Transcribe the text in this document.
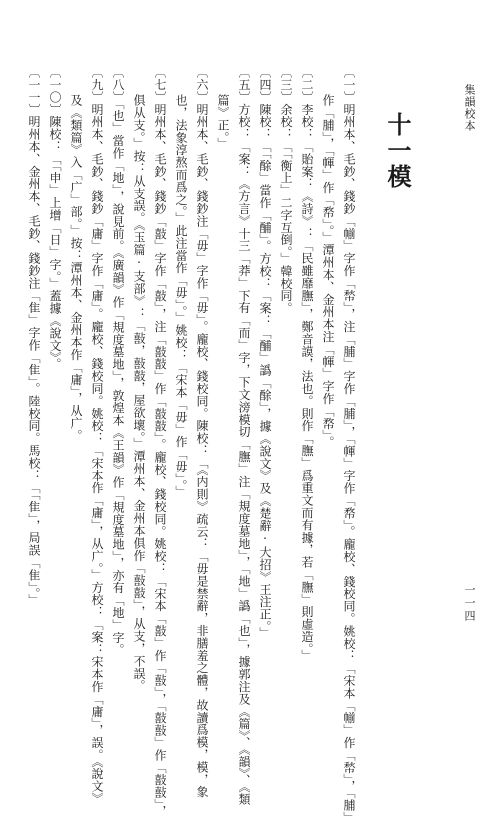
集韻校本
一一四
十一模
〔一〕明州本、毛鈔、錢鈔「㡐」字作「㡑」，注「脯」字作「脯」，「㡓」字作「㡔」。龐校、錢校同。姚校：「宋本「㡐」作「㡑」，「脯」
作「脯」，「㡓」作「㡔」。」潭州本、金州本注「㡓」字作「㡔」。
〔二〕李校：「貽案：《詩》：「民雖靡膴」，鄭音謨，法也。則作「膴」爲重文而有據，若「膴」則虛造。」
〔三〕余校：「「衡上」二字互倒。」韓校同。
〔四〕陳校：「「酴」當作「酺」。方校：「案：「酺」譌「酴」，據《說文》及《楚辭·大招》王注正。」
〔五〕方校：「案：《方言》十三「莽」下有「而」字，下文滂模切「膴」注「規度墓地」，「地」譌「也」，據郭注及《篇》、《韻》、《類
篇》正。」
〔六〕明州本、毛鈔、錢鈔注「毋」字作「毋」。龐校、錢校同。陳校：「《内則》疏云：「毋是禁辭，非膳羞之體，故讀爲模，模，象
也，法象淳熬而爲之。」此注當作「毋」。」姚校：「宋本「毋」作「毋」。」
〔七〕明州本、毛鈔、錢鈔「敼」字作「敼」，注「敼敼」作「敼敼」。龐校、錢校同。姚校：「宋本「敼」作「敼」，「敼敼」作「敼敼」，
俱从支。」按：从支誤。《玉篇·支部》：「敼，敼敼，屋欲壞。」潭州本、金州本俱作「敼敼」，从支，不誤。
〔八〕「也」當作「地」，說見前。《廣韻》作「規度墓地」，敦煌本《王韻》作「規度墓地」，亦有「地」字。
〔九〕明州本、毛鈔、錢鈔「庸」字作「庸」。龐校、錢校同。姚校：「宋本作「庸」，从广。」方校：「案：宋本作「庸」，誤。《說文》
及《類篇》入「广」部。」按：潭州本、金州本作「庸」，从广。
〔一〇〕陳校：「「申」上增「日」字。」蓋據《說文》。
〔一一〕明州本、金州本、毛鈔、錢鈔注「隹」字作「隹」。陸校同。馬校：「「隹」，局誤「隹」。」
